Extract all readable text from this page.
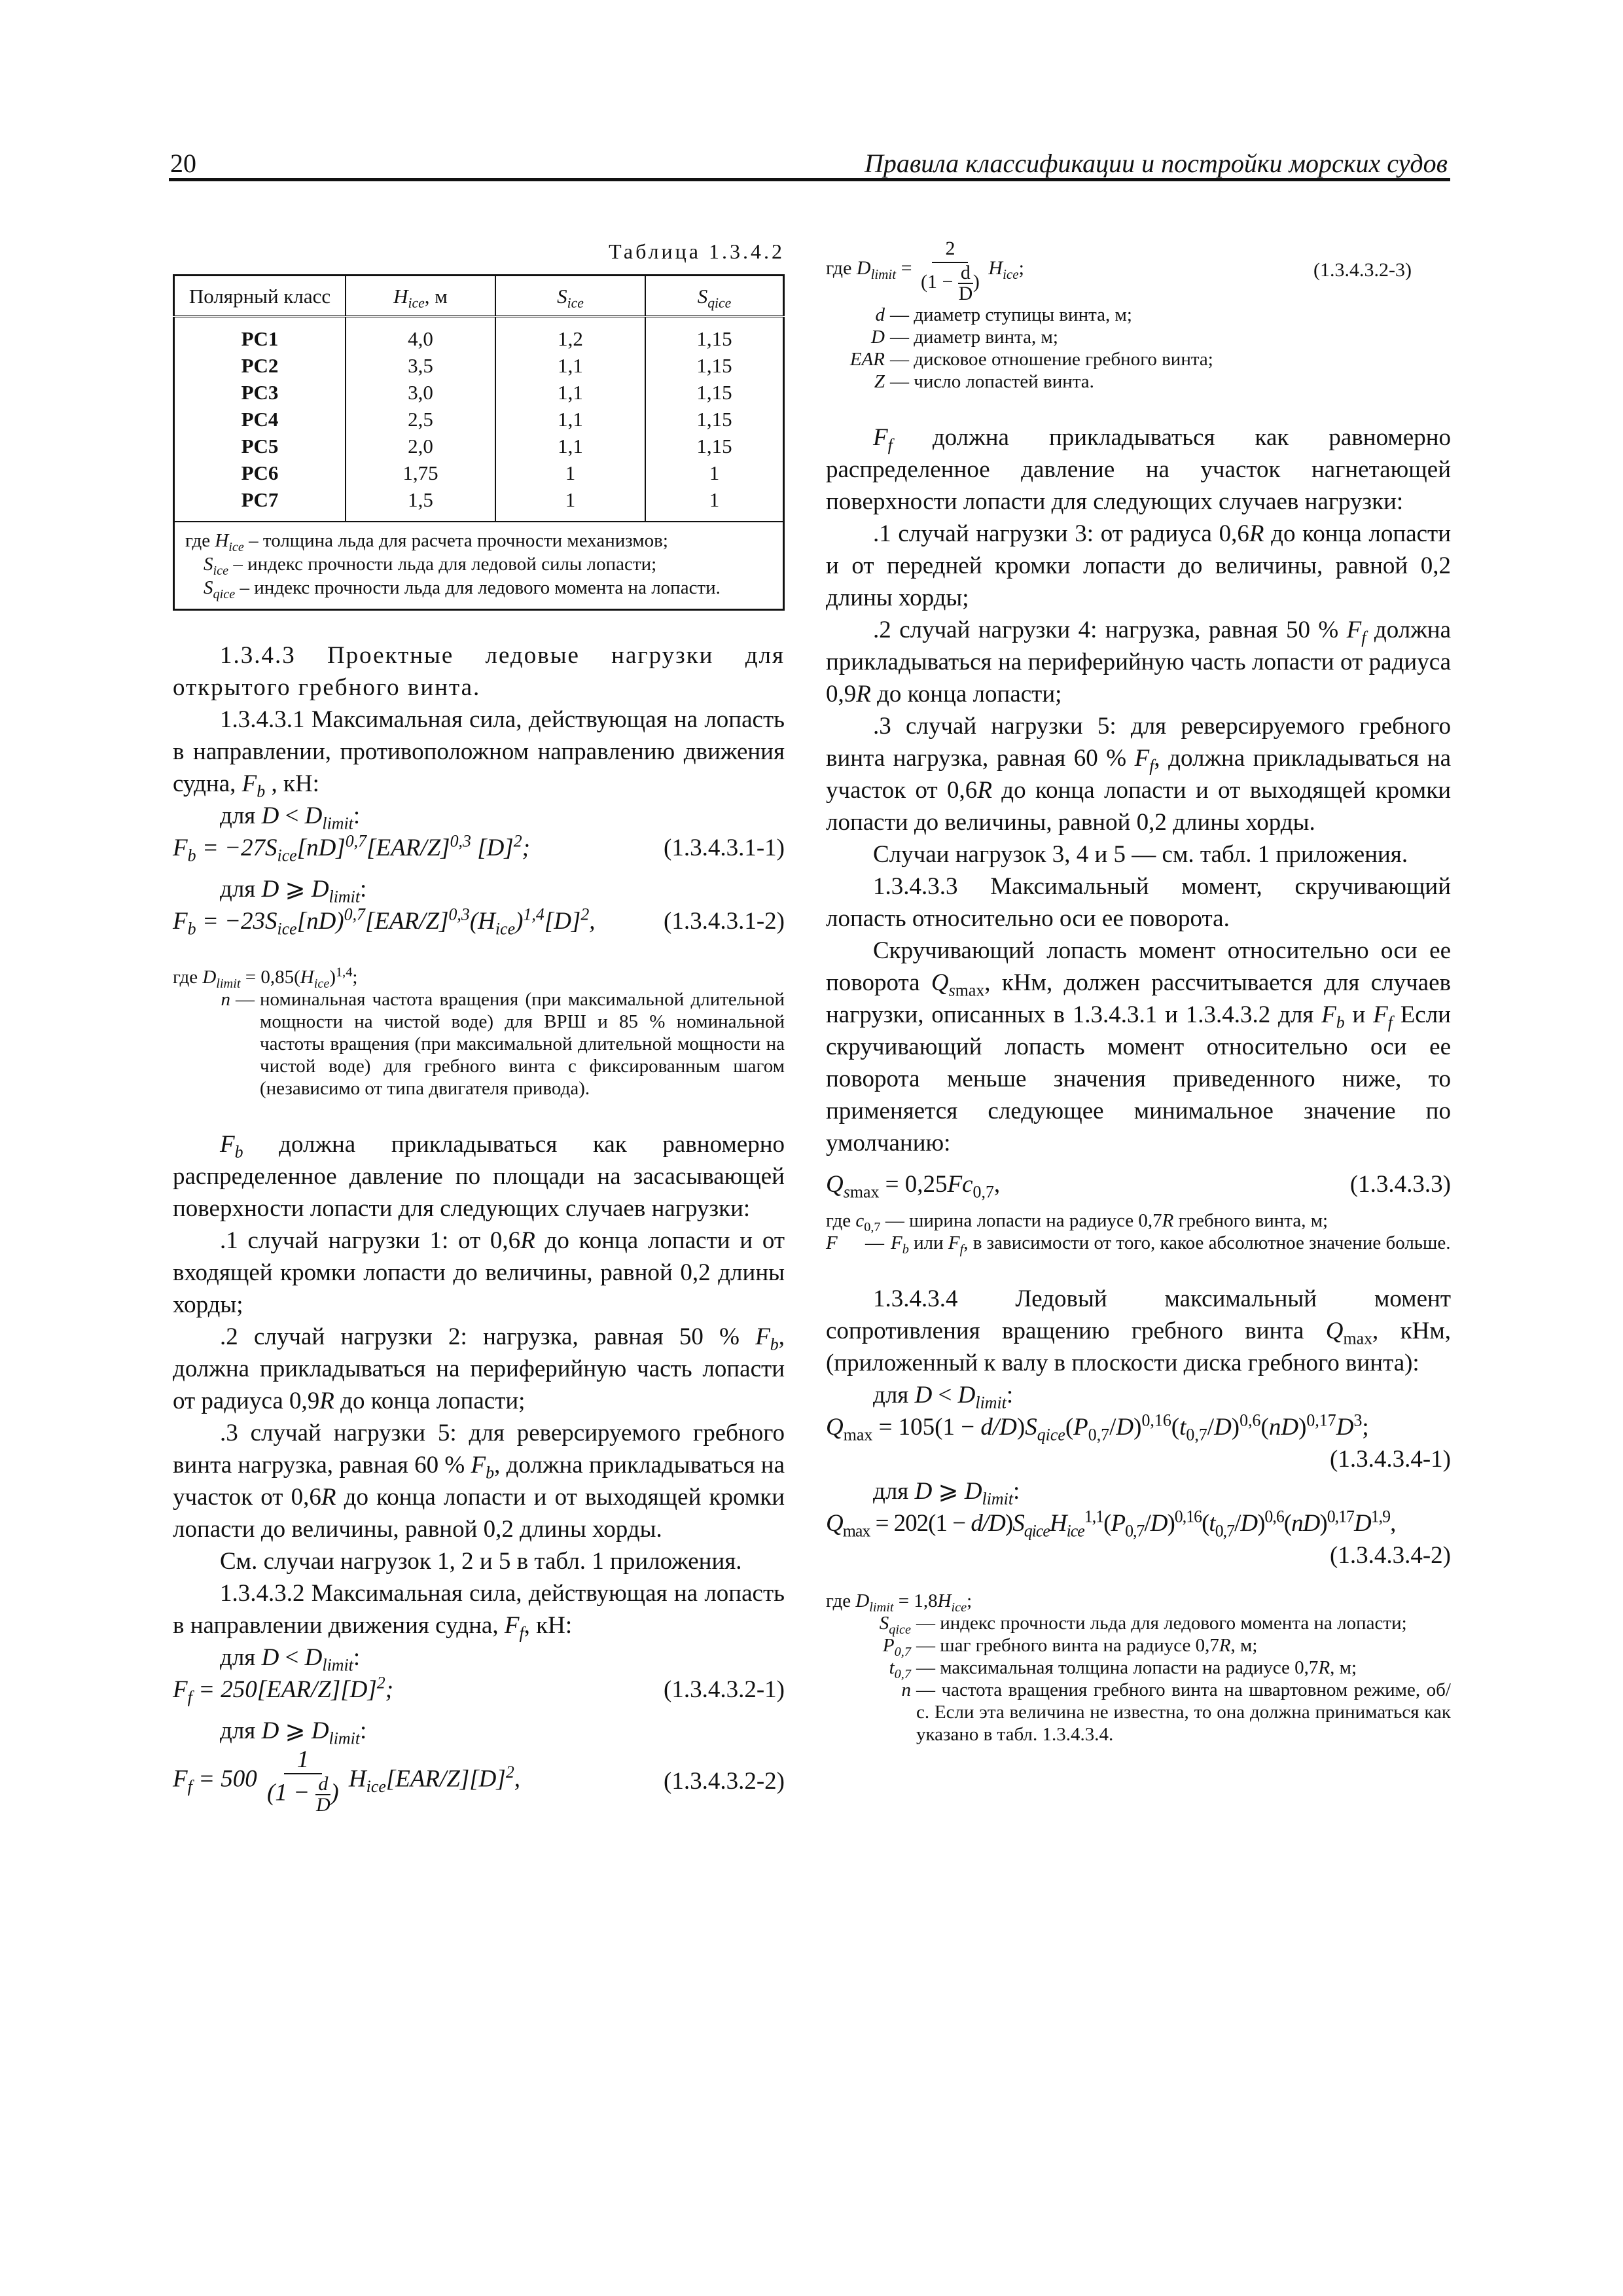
20	Правила классификации и постройки морских судов
Таблица 1.3.4.2
Полярный класс	$H_{ice}$, м	$S_{ice}$	$S_{qice}$
PC1	4,0	1,2	1,15
PC2	3,5	1,1	1,15
PC3	3,0	1,1	1,15
PC4	2,5	1,1	1,15
PC5	2,0	1,1	1,15
PC6	1,75	1	1
PC7	1,5	1	1

где $H_{ice}$ – толщина льда для расчета прочности механизмов;
$S_{ice}$ – индекс прочности льда для ледовой силы лопасти;
$S_{qice}$ – индекс прочности льда для ледового момента на лопасти.			

1.3.4.3 Проектные ледовые нагрузки для открытого гребного винта.

1.3.4.3.1 Максимальная сила, действующая на лопасть в направлении, противоположном направлению движения судна, $F_b$ , кН:

для $D < D_{limit}$:

$F_b = -27S_{ice}[nD]^{0,7}[EAR/Z]^{0,3}$ $[D]^2$;	(1.3.4.3.1-1)

для D ⩾ $D_{limit}$:

$F_b = -23S_{ice}[nD)^{0,7}[EAR/Z]^{0,3}(H_{ice})^{1,4}[D]^2$,	(1.3.4.3.1-2)

где $D_{limit} = 0,85(H_{ice})^{1,4}$;

n — номинальная частота вращения (при максимальной длительной мощности на чистой воде) для ВРШ и 85 % номинальной частоты вращения (при максимальной длительной мощности на чистой воде) для гребного винта с фиксированным шагом (независимо от типа двигателя привода).

$F_b$ должна прикладываться как равномерно распределенное давление по площади на засасывающей поверхности лопасти для следующих случаев нагрузки:

.1 случай нагрузки 1: от 0,6R до конца лопасти и от входящей кромки лопасти до величины, равной 0,2 длины хорды;

.2 случай нагрузки 2: нагрузка, равная 50 % $F_b$, должна прикладываться на периферийную часть лопасти от радиуса 0,9R до конца лопасти;

.3 случай нагрузки 5: для реверсируемого гребного винта нагрузка, равная 60 % $F_b$, должна прикладываться на участок от 0,6R до конца лопасти и от выходящей кромки лопасти до величины, равной 0,2 длины хорды.

См. случаи нагрузок 1, 2 и 5 в табл. 1 приложения.

1.3.4.3.2 Максимальная сила, действующая на лопасть в направлении движения судна, $F_f$, кН:

для $D < D_{limit}$:

$F_f = 250[EAR/Z][D]^2$;	(1.3.4.3.2-1)

для D ⩾ $D_{limit}$:

$F_f = 500 \frac{1}{(1 - \frac{d}{D} )} H_{ice}[EAR/Z][D]^2$,	(1.3.4.3.2-2)
где $D_{limit} = \frac{2}{(1 - \frac{d}{D} )} H_{ice}$;	(1.3.4.3.2-3)
d — диаметр ступицы винта, м;
D — диаметр винта, м;
EAR — дисковое отношение гребного винта;
Z — число лопастей винта.

$F_f$ должна прикладываться как равномерно распределенное давление на участок нагнетающей поверхности лопасти для следующих случаев нагрузки:

.1 случай нагрузки 3: от радиуса 0,6R до конца лопасти и от передней кромки лопасти до величины, равной 0,2 длины хорды;

.2 случай нагрузки 4: нагрузка, равная 50 % $F_f$ должна прикладываться на периферийную часть лопасти от радиуса 0,9R до конца лопасти;

.3 случай нагрузки 5: для реверсируемого гребного винта нагрузка, равная 60 % $F_f$, должна прикладываться на участок от 0,6R до конца лопасти и от выходящей кромки лопасти до величины, равной 0,2 длины хорды.

Случаи нагрузок 3, 4 и 5 — см. табл. 1 приложения.

1.3.4.3.3 Максимальный момент, скручивающий лопасть относительно оси ее поворота.

Скручивающий лопасть момент относительно оси ее поворота $Q_{smax}$, кНм, должен рассчитывается для случаев нагрузки, описанных в 1.3.4.3.1 и 1.3.4.3.2 для $F_b$ и $F_f$ Если скручивающий лопасть момент относительно оси ее поворота меньше значения приведенного ниже, то применяется следующее минимальное значение по умолчанию:

$Q_{smax} = 0,25Fc_{0,7}$,	(1.3.4.3.3)

где $c_{0,7}$ — ширина лопасти на радиусе 0,7R гребного винта, м;

F	— $F_b$ или $F_f$, в зависимости от того, какое абсолютное значение больше.

1.3.4.3.4 Ледовый максимальный момент сопротивления вращению гребного винта $Q_{max}$, кНм, (приложенный к валу в плоскости диска гребного винта):

для $D < D_{limit}$:

$Q_{max} = 105(1 - d/D)S_{qice}(P_{0,7}/D)^{0,16}(t_{0,7}/D)^{0,6}(nD)^{0,17}D^3$;
(1.3.4.3.4-1)

для D ⩾ $D_{limit}$:

$Q_{max} = 202(1 - d/D)S_{qice}H_{ice}^{1,1}(P_{0,7}/D)^{0,16}(t_{0,7}/D)^{0,6}(nD)^{0,17}D^{1,9}$,
(1.3.4.3.4-2)

где $D_{limit} = 1,8H_{ice}$;

$S_{qice}$ — индекс прочности льда для ледового момента на лопасти;
$P_{0,7}$ — шаг гребного винта на радиусе 0,7R, м;
$t_{0,7}$ — максимальная толщина лопасти на радиусе 0,7R, м;
n — частота вращения гребного винта на швартовном режиме, об/с. Если эта величина не известна, то она должна приниматься как указано в табл. 1.3.4.3.4.
